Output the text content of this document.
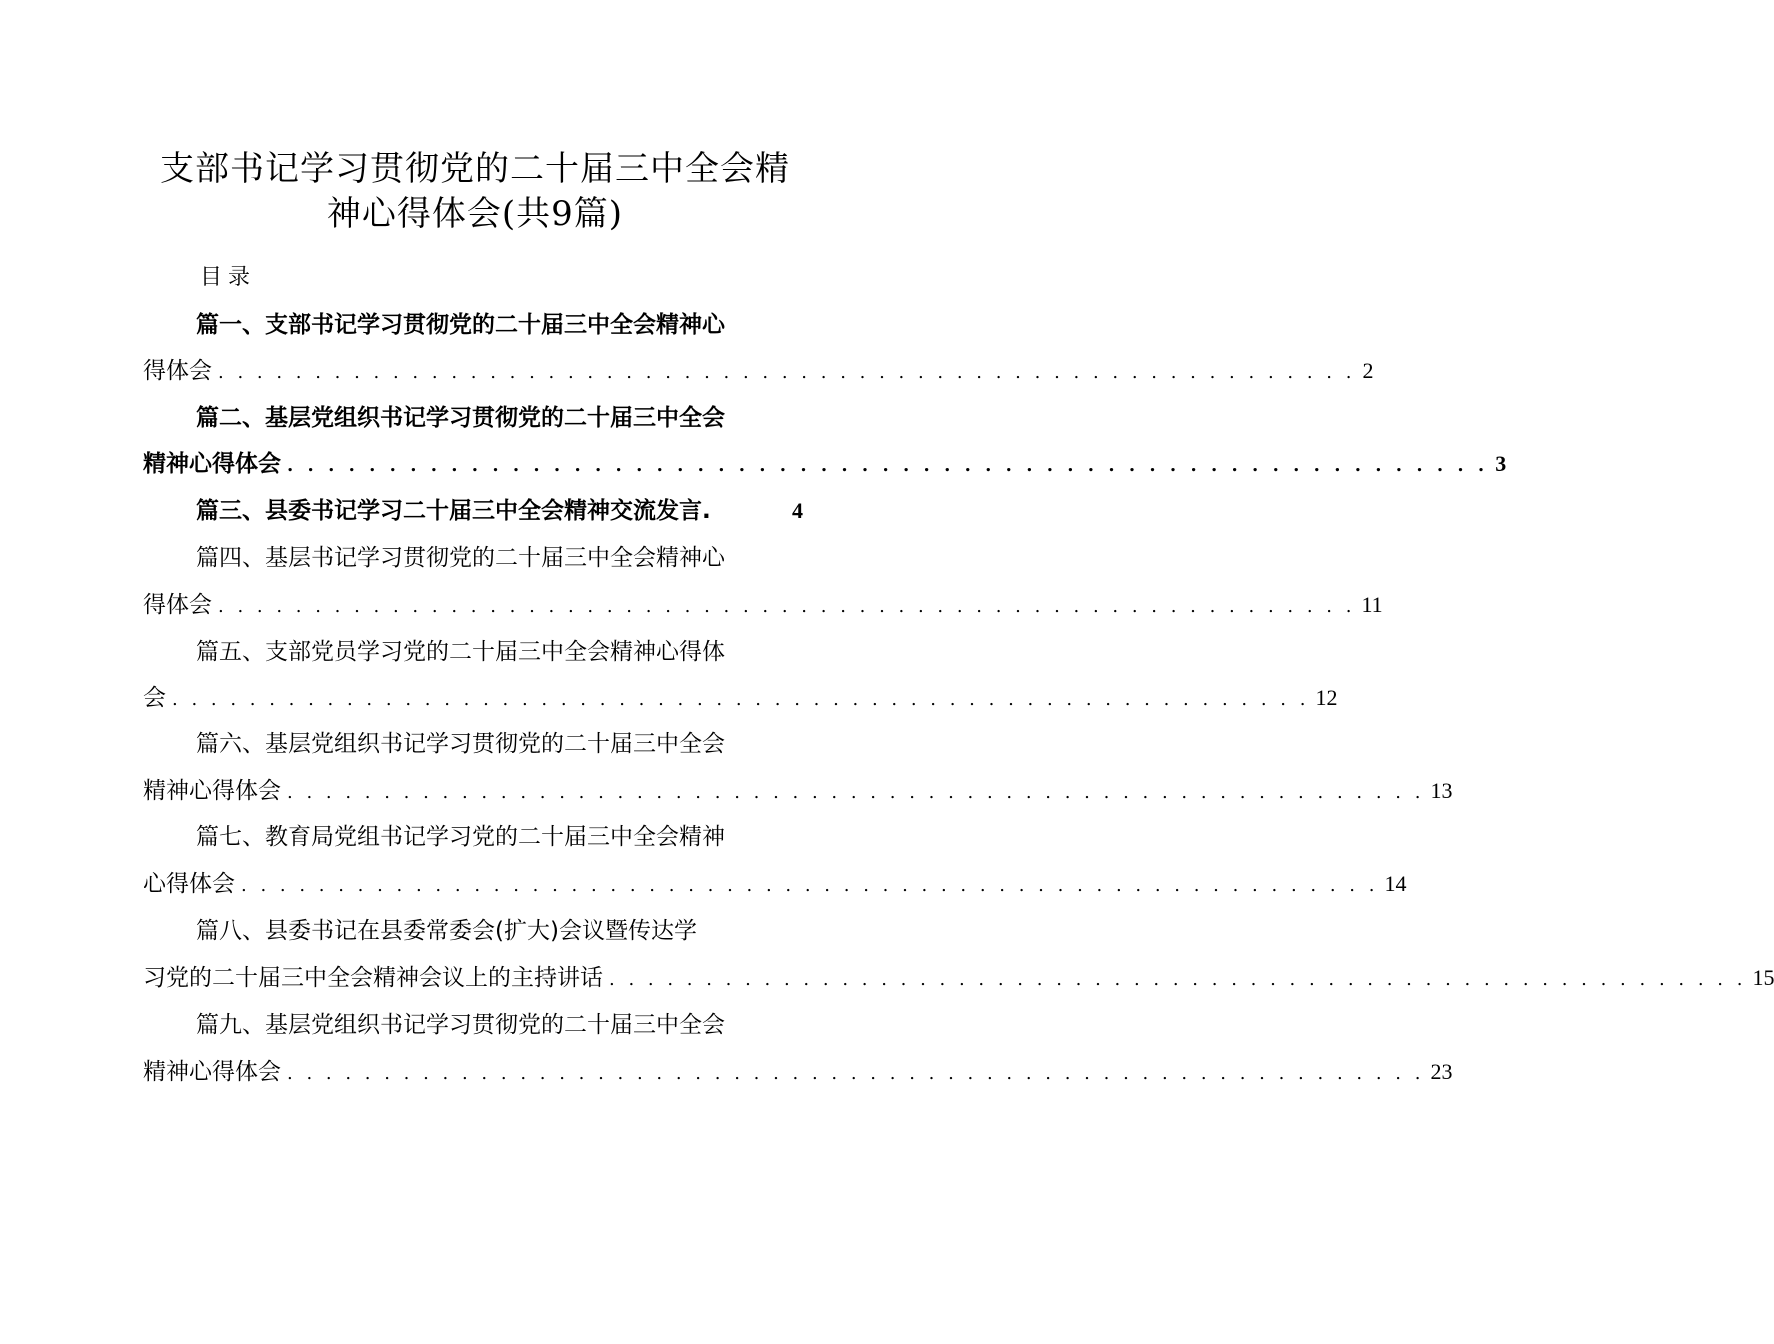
支部书记学习贯彻党的二十届三中全会精
神心得体会(共9篇)
目录
篇一、支部书记学习贯彻党的二十届三中全会精神心
得体会 . . . . . . . . . . . . . . . . . . . . . . . . . . . . . . . . . . . . . . . . . . . . . . . . . . . . . . . . . . . 2
篇二、基层党组织书记学习贯彻党的二十届三中全会
精神心得体会 . . . . . . . . . . . . . . . . . . . . . . . . . . . . . . . . . . . . . . . . . . . . . . . . . . . . . . . . . . . 3
篇三、县委书记学习二十届三中全会精神交流发言.	4
篇四、基层书记学习贯彻党的二十届三中全会精神心
得体会 . . . . . . . . . . . . . . . . . . . . . . . . . . . . . . . . . . . . . . . . . . . . . . . . . . . . . . . . . . . 11
篇五、支部党员学习党的二十届三中全会精神心得体
会 . . . . . . . . . . . . . . . . . . . . . . . . . . . . . . . . . . . . . . . . . . . . . . . . . . . . . . . . . . . 12
篇六、基层党组织书记学习贯彻党的二十届三中全会
精神心得体会 . . . . . . . . . . . . . . . . . . . . . . . . . . . . . . . . . . . . . . . . . . . . . . . . . . . . . . . . . . . 13
篇七、教育局党组书记学习党的二十届三中全会精神
心得体会 . . . . . . . . . . . . . . . . . . . . . . . . . . . . . . . . . . . . . . . . . . . . . . . . . . . . . . . . . . . 14
篇八、县委书记在县委常委会(扩大)会议暨传达学
习党的二十届三中全会精神会议上的主持讲话 . . . . . . . . . . . . . . . . . . . . . . . . . . . . . . . . . . . . . . . . . . . . . . . . . . . . . . . . . . . 15
篇九、基层党组织书记学习贯彻党的二十届三中全会
精神心得体会 . . . . . . . . . . . . . . . . . . . . . . . . . . . . . . . . . . . . . . . . . . . . . . . . . . . . . . . . . . . 23
